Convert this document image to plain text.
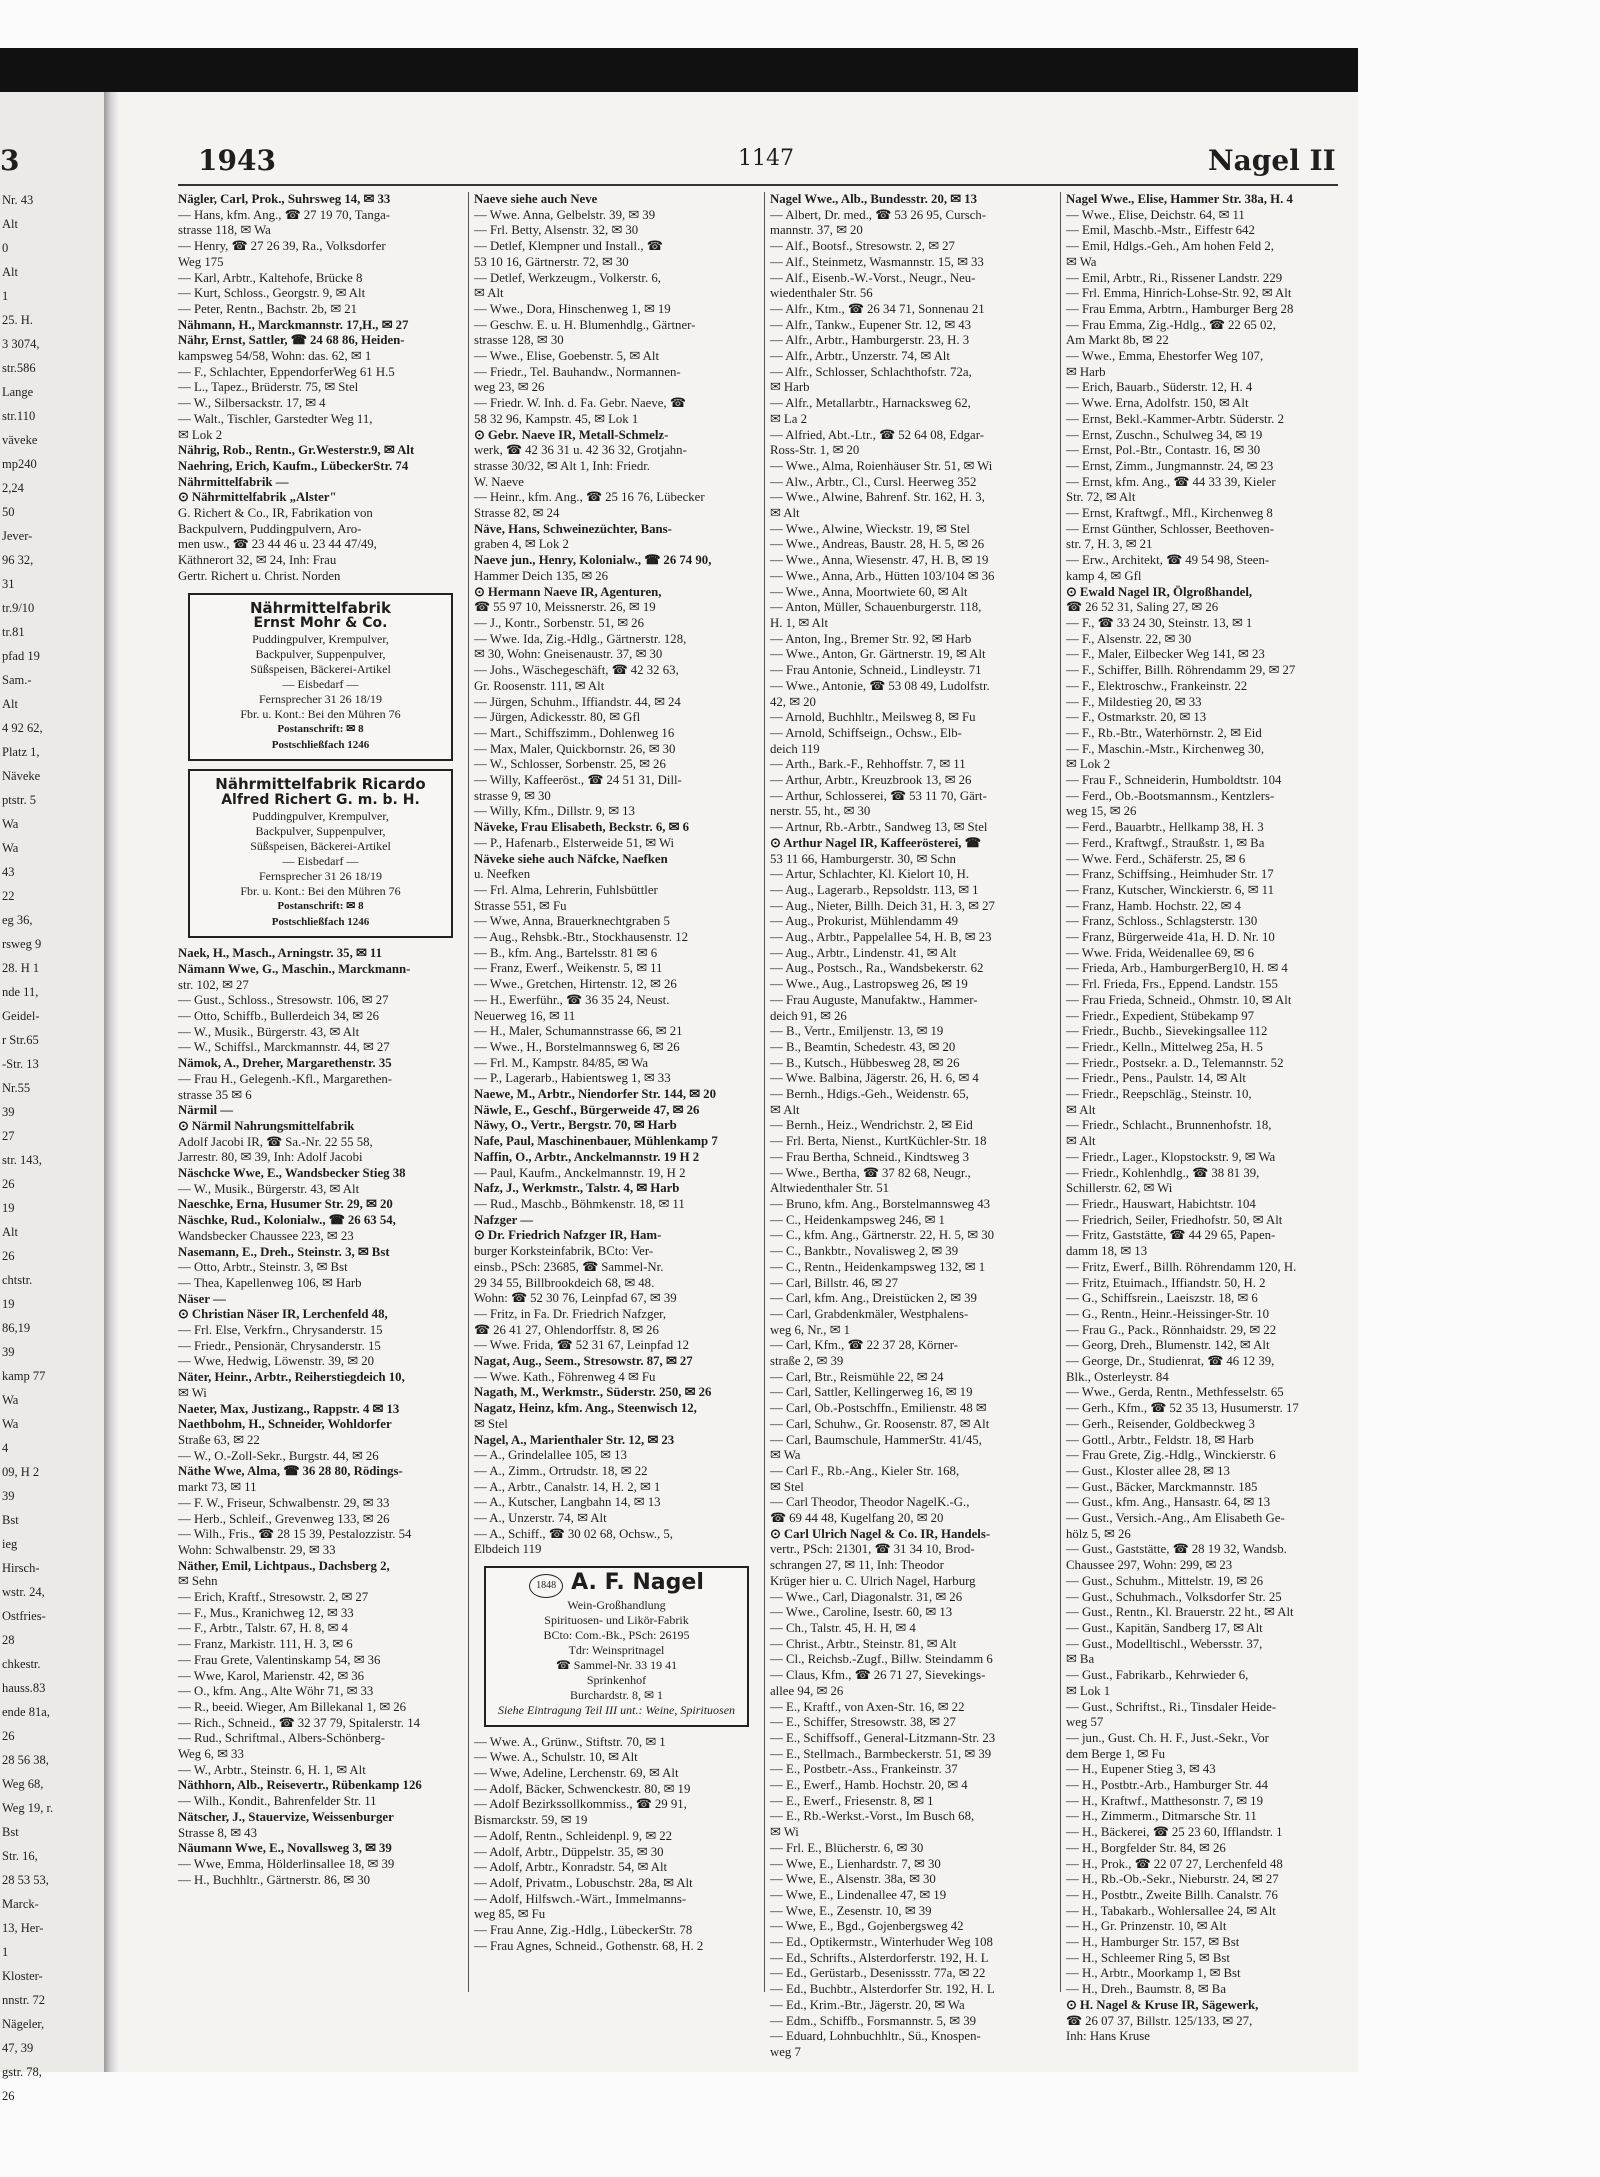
3
Nr. 43
Alt
0
Alt
1
25. H.
3 3074,
str.586
Lange
str.110
väveke
mp240
2,24
50
Jever-
96 32,
31
tr.9/10
tr.81
pfad 19
Sam.-
Alt
4 92 62,
Platz 1,
Näveke
ptstr. 5
Wa
Wa
43
22
eg 36,
rsweg 9
28. H 1
nde 11,
Geidel-
r Str.65
-Str. 13
Nr.55
39
27
str. 143,
26
19
Alt
26
chtstr.
19
86,19
39
kamp 77
Wa
Wa
4
09, H 2
39
Bst
ieg
Hirsch-
wstr. 24,
Ostfries-
28
chkestr.
hauss.83
ende 81a,
26
28 56 38,
Weg 68,
Weg 19, r.
Bst
Str. 16,
28 53 53,
Marck-
13, Her-
1
Kloster-
nnstr. 72
Nägeler,
47, 39
gstr. 78,
26
1943	1147	Nagel II
Nägler, Carl, Prok., Suhrsweg 14, ✉ 33
— Hans, kfm. Ang., ☎ 27 19 70, Tanga-
strasse 118, ✉ Wa
— Henry, ☎ 27 26 39, Ra., Volksdorfer
Weg 175
— Karl, Arbtr., Kaltehofe, Brücke 8
— Kurt, Schloss., Georgstr. 9, ✉ Alt
— Peter, Rentn., Bachstr. 2b, ✉ 21
Nähmann, H., Marckmannstr. 17,H., ✉ 27
Nähr, Ernst, Sattler, ☎ 24 68 86, Heiden-
kampsweg 54/58, Wohn: das. 62, ✉ 1
— F., Schlachter, EppendorferWeg 61 H.5
— L., Tapez., Brüderstr. 75, ✉ Stel
— W., Silbersackstr. 17, ✉ 4
— Walt., Tischler, Garstedter Weg 11,
✉ Lok 2
Nährig, Rob., Rentn., Gr.Westerstr.9, ✉ Alt
Naehring, Erich, Kaufm., LübeckerStr. 74
Nährmittelfabrik —
⊙ Nährmittelfabrik „Alster"
G. Richert & Co., IR, Fabrikation von
Backpulvern, Puddingpulvern, Aro-
men usw., ☎ 23 44 46 u. 23 44 47/49,
Käthnerort 32, ✉ 24, Inh: Frau
Gertr. Richert u. Christ. Norden
Nährmittelfabrik
Ernst Mohr & Co.
Puddingpulver, Krempulver,
Backpulver, Suppenpulver,
Süßspeisen, Bäckerei-Artikel
— Eisbedarf —
Fernsprecher 31 26 18/19
Fbr. u. Kont.: Bei den Mühren 76
Postanschrift: ✉ 8
Postschließfach 1246
Nährmittelfabrik Ricardo
Alfred Richert G. m. b. H.
Puddingpulver, Krempulver,
Backpulver, Suppenpulver,
Süßspeisen, Bäckerei-Artikel
— Eisbedarf —
Fernsprecher 31 26 18/19
Fbr. u. Kont.: Bei den Mühren 76
Postanschrift: ✉ 8
Postschließfach 1246
Naek, H., Masch., Arningstr. 35, ✉ 11
Nämann Wwe, G., Maschin., Marckmann-
str. 102, ✉ 27
— Gust., Schloss., Stresowstr. 106, ✉ 27
— Otto, Schiffb., Bullerdeich 34, ✉ 26
— W., Musik., Bürgerstr. 43, ✉ Alt
— W., Schiffsl., Marckmannstr. 44, ✉ 27
Nämok, A., Dreher, Margarethenstr. 35
— Frau H., Gelegenh.-Kfl., Margarethen-
strasse 35 ✉ 6
Närmil —
⊙ Närmil Nahrungsmittelfabrik
Adolf Jacobi IR, ☎ Sa.-Nr. 22 55 58,
Jarrestr. 80, ✉ 39, Inh: Adolf Jacobi
Näschcke Wwe, E., Wandsbecker Stieg 38
— W., Musik., Bürgerstr. 43, ✉ Alt
Naeschke, Erna, Husumer Str. 29, ✉ 20
Näschke, Rud., Kolonialw., ☎ 26 63 54,
Wandsbecker Chaussee 223, ✉ 23
Nasemann, E., Dreh., Steinstr. 3, ✉ Bst
— Otto, Arbtr., Steinstr. 3, ✉ Bst
— Thea, Kapellenweg 106, ✉ Harb
Näser —
⊙ Christian Näser IR, Lerchenfeld 48,
— Frl. Else, Verkfrn., Chrysanderstr. 15
— Friedr., Pensionär, Chrysanderstr. 15
— Wwe, Hedwig, Löwenstr. 39, ✉ 20
Näter, Heinr., Arbtr., Reiherstiegdeich 10,
✉ Wi
Naeter, Max, Justizang., Rappstr. 4 ✉ 13
Naethbohm, H., Schneider, Wohldorfer
Straße 63, ✉ 22
— W., O.-Zoll-Sekr., Burgstr. 44, ✉ 26
Näthe Wwe, Alma, ☎ 36 28 80, Rödings-
markt 73, ✉ 11
— F. W., Friseur, Schwalbenstr. 29, ✉ 33
— Herb., Schleif., Grevenweg 133, ✉ 26
— Wilh., Fris., ☎ 28 15 39, Pestalozzistr. 54
Wohn: Schwalbenstr. 29, ✉ 33
Näther, Emil, Lichtpaus., Dachsberg 2,
✉ Sehn
— Erich, Kraftf., Stresowstr. 2, ✉ 27
— F., Mus., Kranichweg 12, ✉ 33
— F., Arbtr., Talstr. 67, H. 8, ✉ 4
— Franz, Markistr. 111, H. 3, ✉ 6
— Frau Grete, Valentinskamp 54, ✉ 36
— Wwe, Karol, Marienstr. 42, ✉ 36
— O., kfm. Ang., Alte Wöhr 71, ✉ 33
— R., beeid. Wieger, Am Billekanal 1, ✉ 26
— Rich., Schneid., ☎ 32 37 79, Spitalerstr. 14
— Rud., Schriftmal., Albers-Schönberg-
Weg 6, ✉ 33
— W., Arbtr., Steinstr. 6, H. 1, ✉ Alt
Näthhorn, Alb., Reisevertr., Rübenkamp 126
— Wilh., Kondit., Bahrenfelder Str. 11
Nätscher, J., Stauervize, Weissenburger
Strasse 8, ✉ 43
Näumann Wwe, E., Novallsweg 3, ✉ 39
— Wwe, Emma, Hölderlinsallee 18, ✉ 39
— H., Buchhltr., Gärtnerstr. 86, ✉ 30
Naeve siehe auch Neve
— Wwe. Anna, Gelbelstr. 39, ✉ 39
— Frl. Betty, Alsenstr. 32, ✉ 30
— Detlef, Klempner und Install., ☎
53 10 16, Gärtnerstr. 72, ✉ 30
— Detlef, Werkzeugm., Volkerstr. 6,
✉ Alt
— Wwe., Dora, Hinschenweg 1, ✉ 19
— Geschw. E. u. H. Blumenhdlg., Gärtner-
strasse 128, ✉ 30
— Wwe., Elise, Goebenstr. 5, ✉ Alt
— Friedr., Tel. Bauhandw., Normannen-
weg 23, ✉ 26
— Friedr. W. Inh. d. Fa. Gebr. Naeve, ☎
58 32 96, Kampstr. 45, ✉ Lok 1
⊙ Gebr. Naeve IR, Metall-Schmelz-
werk, ☎ 42 36 31 u. 42 36 32, Grotjahn-
strasse 30/32, ✉ Alt 1, Inh: Friedr.
W. Naeve
— Heinr., kfm. Ang., ☎ 25 16 76, Lübecker
Strasse 82, ✉ 24
Näve, Hans, Schweinezüchter, Bans-
graben 4, ✉ Lok 2
Naeve jun., Henry, Kolonialw., ☎ 26 74 90,
Hammer Deich 135, ✉ 26
⊙ Hermann Naeve IR, Agenturen,
☎ 55 97 10, Meissnerstr. 26, ✉ 19
— J., Kontr., Sorbenstr. 51, ✉ 26
— Wwe. Ida, Zig.-Hdlg., Gärtnerstr. 128,
✉ 30, Wohn: Gneisenaustr. 37, ✉ 30
— Johs., Wäschegeschäft, ☎ 42 32 63,
Gr. Roosenstr. 111, ✉ Alt
— Jürgen, Schuhm., Iffiandstr. 44, ✉ 24
— Jürgen, Adickesstr. 80, ✉ Gfl
— Mart., Schiffszimm., Dohlenweg 16
— Max, Maler, Quickbornstr. 26, ✉ 30
— W., Schlosser, Sorbenstr. 25, ✉ 26
— Willy, Kaffeeröst., ☎ 24 51 31, Dill-
strasse 9, ✉ 30
— Willy, Kfm., Dillstr. 9, ✉ 13
Näveke, Frau Elisabeth, Beckstr. 6, ✉ 6
— P., Hafenarb., Elsterweide 51, ✉ Wi
Näveke siehe auch Näfcke, Naefken
u. Neefken
— Frl. Alma, Lehrerin, Fuhlsbüttler
Strasse 551, ✉ Fu
— Wwe, Anna, Brauerknechtgraben 5
— Aug., Rehsbk.-Btr., Stockhausenstr. 12
— B., kfm. Ang., Bartelsstr. 81 ✉ 6
— Franz, Ewerf., Weikenstr. 5, ✉ 11
— Wwe., Gretchen, Hirtenstr. 12, ✉ 26
— H., Ewerführ., ☎ 36 35 24, Neust.
Neuerweg 16, ✉ 11
— H., Maler, Schumannstrasse 66, ✉ 21
— Wwe., H., Borstelmannsweg 6, ✉ 26
— Frl. M., Kampstr. 84/85, ✉ Wa
— P., Lagerarb., Habientsweg 1, ✉ 33
Naewe, M., Arbtr., Niendorfer Str. 144, ✉ 20
Näwle, E., Geschf., Bürgerweide 47, ✉ 26
Näwy, O., Vertr., Bergstr. 70, ✉ Harb
Nafe, Paul, Maschinenbauer, Mühlenkamp 7
Naffin, O., Arbtr., Anckelmannstr. 19 H 2
— Paul, Kaufm., Anckelmannstr. 19, H 2
Nafz, J., Werkmstr., Talstr. 4, ✉ Harb
— Rud., Maschb., Böhmkenstr. 18, ✉ 11
Nafzger —
⊙ Dr. Friedrich Nafzger IR, Ham-
burger Korksteinfabrik, BCto: Ver-
einsb., PSch: 23685, ☎ Sammel-Nr.
29 34 55, Billbrookdeich 68, ✉ 48.
Wohn: ☎ 52 30 76, Leinpfad 67, ✉ 39
— Fritz, in Fa. Dr. Friedrich Nafzger,
☎ 26 41 27, Ohlendorffstr. 8, ✉ 26
— Wwe. Frida, ☎ 52 31 67, Leinpfad 12
Nagat, Aug., Seem., Stresowstr. 87, ✉ 27
— Wwe. Kath., Föhrenweg 4 ✉ Fu
Nagath, M., Werkmstr., Süderstr. 250, ✉ 26
Nagatz, Heinz, kfm. Ang., Steenwisch 12,
✉ Stel
Nagel, A., Marienthaler Str. 12, ✉ 23
— A., Grindelallee 105, ✉ 13
— A., Zimm., Ortrudstr. 18, ✉ 22
— A., Arbtr., Canalstr. 14, H. 2, ✉ 1
— A., Kutscher, Langbahn 14, ✉ 13
— A., Unzerstr. 74, ✉ Alt
— A., Schiff., ☎ 30 02 68, Ochsw., 5,
Elbdeich 119
1848 A. F. Nagel
Wein-Großhandlung
Spirituosen- und Likör-Fabrik
BCto: Com.-Bk., PSch: 26195
Tdr: Weinspritnagel
☎ Sammel-Nr. 33 19 41
Sprinkenhof
Burchardstr. 8, ✉ 1
Siehe Eintragung Teil III unt.: Weine, Spirituosen
— Wwe. A., Grünw., Stiftstr. 70, ✉ 1
— Wwe. A., Schulstr. 10, ✉ Alt
— Wwe, Adeline, Lerchenstr. 69, ✉ Alt
— Adolf, Bäcker, Schwenckestr. 80, ✉ 19
— Adolf Bezirkssollkommiss., ☎ 29 91,
Bismarckstr. 59, ✉ 19
— Adolf, Rentn., Schleidenpl. 9, ✉ 22
— Adolf, Arbtr., Düppelstr. 35, ✉ 30
— Adolf, Arbtr., Konradstr. 54, ✉ Alt
— Adolf, Privatm., Lobuschstr. 28a, ✉ Alt
— Adolf, Hilfswch.-Wärt., Immelmanns-
weg 85, ✉ Fu
— Frau Anne, Zig.-Hdlg., LübeckerStr. 78
— Frau Agnes, Schneid., Gothenstr. 68, H. 2
Nagel Wwe., Alb., Bundesstr. 20, ✉ 13
— Albert, Dr. med., ☎ 53 26 95, Cursch-
mannstr. 37, ✉ 20
— Alf., Bootsf., Stresowstr. 2, ✉ 27
— Alf., Steinmetz, Wasmannstr. 15, ✉ 33
— Alf., Eisenb.-W.-Vorst., Neugr., Neu-
wiedenthaler Str. 56
— Alfr., Ktm., ☎ 26 34 71, Sonnenau 21
— Alfr., Tankw., Eupener Str. 12, ✉ 43
— Alfr., Arbtr., Hamburgerstr. 23, H. 3
— Alfr., Arbtr., Unzerstr. 74, ✉ Alt
— Alfr., Schlosser, Schlachthofstr. 72a,
✉ Harb
— Alfr., Metallarbtr., Harnacksweg 62,
✉ La 2
— Alfried, Abt.-Ltr., ☎ 52 64 08, Edgar-
Ross-Str. 1, ✉ 20
— Wwe., Alma, Roienhäuser Str. 51, ✉ Wi
— Alw., Arbtr., Cl., Cursl. Heerweg 352
— Wwe., Alwine, Bahrenf. Str. 162, H. 3,
✉ Alt
— Wwe., Alwine, Wieckstr. 19, ✉ Stel
— Wwe., Andreas, Baustr. 28, H. 5, ✉ 26
— Wwe., Anna, Wiesenstr. 47, H. B, ✉ 19
— Wwe., Anna, Arb., Hütten 103/104 ✉ 36
— Wwe., Anna, Moortwiete 60, ✉ Alt
— Anton, Müller, Schauenburgerstr. 118,
H. 1, ✉ Alt
— Anton, Ing., Bremer Str. 92, ✉ Harb
— Wwe., Anton, Gr. Gärtnerstr. 19, ✉ Alt
— Frau Antonie, Schneid., Lindleystr. 71
— Wwe., Antonie, ☎ 53 08 49, Ludolfstr.
42, ✉ 20
— Arnold, Buchhltr., Meilsweg 8, ✉ Fu
— Arnold, Schiffseign., Ochsw., Elb-
deich 119
— Arth., Bark.-F., Rehhoffstr. 7, ✉ 11
— Arthur, Arbtr., Kreuzbrook 13, ✉ 26
— Arthur, Schlosserei, ☎ 53 11 70, Gärt-
nerstr. 55, ht., ✉ 30
— Artnur, Rb.-Arbtr., Sandweg 13, ✉ Stel
⊙ Arthur Nagel IR, Kaffeerösterei, ☎
53 11 66, Hamburgerstr. 30, ✉ Schn
— Artur, Schlachter, Kl. Kielort 10, H.
— Aug., Lagerarb., Repsoldstr. 113, ✉ 1
— Aug., Nieter, Billh. Deich 31, H. 3, ✉ 27
— Aug., Prokurist, Mühlendamm 49
— Aug., Arbtr., Pappelallee 54, H. B, ✉ 23
— Aug., Arbtr., Lindenstr. 41, ✉ Alt
— Aug., Postsch., Ra., Wandsbekerstr. 62
— Wwe., Aug., Lastropsweg 26, ✉ 19
— Frau Auguste, Manufaktw., Hammer-
deich 91, ✉ 26
— B., Vertr., Emiljenstr. 13, ✉ 19
— B., Beamtin, Schedestr. 43, ✉ 20
— B., Kutsch., Hübbesweg 28, ✉ 26
— Wwe. Balbina, Jägerstr. 26, H. 6, ✉ 4
— Bernh., Hdigs.-Geh., Weidenstr. 65,
✉ Alt
— Bernh., Heiz., Wendrichstr. 2, ✉ Eid
— Frl. Berta, Nienst., KurtKüchler-Str. 18
— Frau Bertha, Schneid., Kindtsweg 3
— Wwe., Bertha, ☎ 37 82 68, Neugr.,
Altwiedenthaler Str. 51
— Bruno, kfm. Ang., Borstelmannsweg 43
— C., Heidenkampsweg 246, ✉ 1
— C., kfm. Ang., Gärtnerstr. 22, H. 5, ✉ 30
— C., Bankbtr., Novalisweg 2, ✉ 39
— C., Rentn., Heidenkampsweg 132, ✉ 1
— Carl, Billstr. 46, ✉ 27
— Carl, kfm. Ang., Dreistücken 2, ✉ 39
— Carl, Grabdenkmäler, Westphalens-
weg 6, Nr., ✉ 1
— Carl, Kfm., ☎ 22 37 28, Körner-
straße 2, ✉ 39
— Carl, Btr., Reismühle 22, ✉ 24
— Carl, Sattler, Kellingerweg 16, ✉ 19
— Carl, Ob.-Postschffn., Emilienstr. 48 ✉
— Carl, Schuhw., Gr. Roosenstr. 87, ✉ Alt
— Carl, Baumschule, HammerStr. 41/45,
✉ Wa
— Carl F., Rb.-Ang., Kieler Str. 168,
✉ Stel
— Carl Theodor, Theodor NagelK.-G.,
☎ 69 44 48, Kugelfang 20, ✉ 20
⊙ Carl Ulrich Nagel & Co. IR, Handels-
vertr., PSch: 21301, ☎ 31 34 10, Brod-
schrangen 27, ✉ 11, Inh: Theodor
Krüger hier u. C. Ulrich Nagel, Harburg
— Wwe., Carl, Diagonalstr. 31, ✉ 26
— Wwe., Caroline, Isestr. 60, ✉ 13
— Ch., Talstr. 45, H. H, ✉ 4
— Christ., Arbtr., Steinstr. 81, ✉ Alt
— Cl., Reichsb.-Zugf., Billw. Steindamm 6
— Claus, Kfm., ☎ 26 71 27, Sievekings-
allee 94, ✉ 26
— E., Kraftf., von Axen-Str. 16, ✉ 22
— E., Schiffer, Stresowstr. 38, ✉ 27
— E., Schiffsoff., General-Litzmann-Str. 23
— E., Stellmach., Barmbeckerstr. 51, ✉ 39
— E., Postbetr.-Ass., Frankeinstr. 37
— E., Ewerf., Hamb. Hochstr. 20, ✉ 4
— E., Ewerf., Friesenstr. 8, ✉ 1
— E., Rb.-Werkst.-Vorst., Im Busch 68,
✉ Wi
— Frl. E., Blücherstr. 6, ✉ 30
— Wwe, E., Lienhardstr. 7, ✉ 30
— Wwe, E., Alsenstr. 38a, ✉ 30
— Wwe, E., Lindenallee 47, ✉ 19
— Wwe, E., Zesenstr. 10, ✉ 39
— Wwe, E., Bgd., Gojenbergsweg 42
— Ed., Optikermstr., Winterhuder Weg 108
— Ed., Schrifts., Alsterdorferstr. 192, H. L
— Ed., Gerüstarb., Desenissstr. 77a, ✉ 22
— Ed., Buchbtr., Alsterdorfer Str. 192, H. L
— Ed., Krim.-Btr., Jägerstr. 20, ✉ Wa
— Edm., Schiffb., Forsmannstr. 5, ✉ 39
— Eduard, Lohnbuchhltr., Sü., Knospen-
weg 7
Nagel Wwe., Elise, Hammer Str. 38a, H. 4
— Wwe., Elise, Deichstr. 64, ✉ 11
— Emil, Maschb.-Mstr., Eiffestr 642
— Emil, Hdlgs.-Geh., Am hohen Feld 2,
✉ Wa
— Emil, Arbtr., Ri., Rissener Landstr. 229
— Frl. Emma, Hinrich-Lohse-Str. 92, ✉ Alt
— Frau Emma, Arbtrn., Hamburger Berg 28
— Frau Emma, Zig.-Hdlg., ☎ 22 65 02,
Am Markt 8b, ✉ 22
— Wwe., Emma, Ehestorfer Weg 107,
✉ Harb
— Erich, Bauarb., Süderstr. 12, H. 4
— Wwe. Erna, Adolfstr. 150, ✉ Alt
— Ernst, Bekl.-Kammer-Arbtr. Süderstr. 2
— Ernst, Zuschn., Schulweg 34, ✉ 19
— Ernst, Pol.-Btr., Contastr. 16, ✉ 30
— Ernst, Zimm., Jungmannstr. 24, ✉ 23
— Ernst, kfm. Ang., ☎ 44 33 39, Kieler
Str. 72, ✉ Alt
— Ernst, Kraftwgf., Mfl., Kirchenweg 8
— Ernst Günther, Schlosser, Beethoven-
str. 7, H. 3, ✉ 21
— Erw., Architekt, ☎ 49 54 98, Steen-
kamp 4, ✉ Gfl
⊙ Ewald Nagel IR, Ölgroßhandel,
☎ 26 52 31, Saling 27, ✉ 26
— F., ☎ 33 24 30, Steinstr. 13, ✉ 1
— F., Alsenstr. 22, ✉ 30
— F., Maler, Eilbecker Weg 141, ✉ 23
— F., Schiffer, Billh. Röhrendamm 29, ✉ 27
— F., Elektroschw., Frankeinstr. 22
— F., Mildestieg 20, ✉ 33
— F., Ostmarkstr. 20, ✉ 13
— F., Rb.-Btr., Waterhörnstr. 2, ✉ Eid
— F., Maschin.-Mstr., Kirchenweg 30,
✉ Lok 2
— Frau F., Schneiderin, Humboldtstr. 104
— Ferd., Ob.-Bootsmannsm., Kentzlers-
weg 15, ✉ 26
— Ferd., Bauarbtr., Hellkamp 38, H. 3
— Ferd., Kraftwgf., Straußstr. 1, ✉ Ba
— Wwe. Ferd., Schäferstr. 25, ✉ 6
— Franz, Schiffsing., Heimhuder Str. 17
— Franz, Kutscher, Winckierstr. 6, ✉ 11
— Franz, Hamb. Hochstr. 22, ✉ 4
— Franz, Schloss., Schlagsterstr. 130
— Franz, Bürgerweide 41a, H. D. Nr. 10
— Wwe. Frida, Weidenallee 69, ✉ 6
— Frieda, Arb., HamburgerBerg10, H. ✉ 4
— Frl. Frieda, Frs., Eppend. Landstr. 155
— Frau Frieda, Schneid., Ohmstr. 10, ✉ Alt
— Friedr., Expedient, Stübekamp 97
— Friedr., Buchb., Sievekingsallee 112
— Friedr., Kelln., Mittelweg 25a, H. 5
— Friedr., Postsekr. a. D., Telemannstr. 52
— Friedr., Pens., Paulstr. 14, ✉ Alt
— Friedr., Reepschläg., Steinstr. 10,
✉ Alt
— Friedr., Schlacht., Brunnenhofstr. 18,
✉ Alt
— Friedr., Lager., Klopstockstr. 9, ✉ Wa
— Friedr., Kohlenhdlg., ☎ 38 81 39,
Schillerstr. 62, ✉ Wi
— Friedr., Hauswart, Habichtstr. 104
— Friedrich, Seiler, Friedhofstr. 50, ✉ Alt
— Fritz, Gaststätte, ☎ 44 29 65, Papen-
damm 18, ✉ 13
— Fritz, Ewerf., Billh. Röhrendamm 120, H.
— Fritz, Etuimach., Iffiandstr. 50, H. 2
— G., Schiffsrein., Laeiszstr. 18, ✉ 6
— G., Rentn., Heinr.-Heissinger-Str. 10
— Frau G., Pack., Rönnhaidstr. 29, ✉ 22
— Georg, Dreh., Blumenstr. 142, ✉ Alt
— George, Dr., Studienrat, ☎ 46 12 39,
Blk., Osterleystr. 84
— Wwe., Gerda, Rentn., Methfesselstr. 65
— Gerh., Kfm., ☎ 52 35 13, Husumerstr. 17
— Gerh., Reisender, Goldbeckweg 3
— Gottl., Arbtr., Feldstr. 18, ✉ Harb
— Frau Grete, Zig.-Hdlg., Winckierstr. 6
— Gust., Kloster allee 28, ✉ 13
— Gust., Bäcker, Marckmannstr. 185
— Gust., kfm. Ang., Hansastr. 64, ✉ 13
— Gust., Versich.-Ang., Am Elisabeth Ge-
hölz 5, ✉ 26
— Gust., Gaststätte, ☎ 28 19 32, Wandsb.
Chaussee 297, Wohn: 299, ✉ 23
— Gust., Schuhm., Mittelstr. 19, ✉ 26
— Gust., Schuhmach., Volksdorfer Str. 25
— Gust., Rentn., Kl. Brauerstr. 22 ht., ✉ Alt
— Gust., Kapitän, Sandberg 17, ✉ Alt
— Gust., Modelltischl., Webersstr. 37,
✉ Ba
— Gust., Fabrikarb., Kehrwieder 6,
✉ Lok 1
— Gust., Schriftst., Ri., Tinsdaler Heide-
weg 57
— jun., Gust. Ch. H. F., Just.-Sekr., Vor
dem Berge 1, ✉ Fu
— H., Eupener Stieg 3, ✉ 43
— H., Postbtr.-Arb., Hamburger Str. 44
— H., Kraftwf., Matthesonstr. 7, ✉ 19
— H., Zimmerm., Ditmarsche Str. 11
— H., Bäckerei, ☎ 25 23 60, Ifflandstr. 1
— H., Borgfelder Str. 84, ✉ 26
— H., Prok., ☎ 22 07 27, Lerchenfeld 48
— H., Rb.-Ob.-Sekr., Nieburstr. 24, ✉ 27
— H., Postbtr., Zweite Billh. Canalstr. 76
— H., Tabakarb., Wohlersallee 24, ✉ Alt
— H., Gr. Prinzenstr. 10, ✉ Alt
— H., Hamburger Str. 157, ✉ Bst
— H., Schleemer Ring 5, ✉ Bst
— H., Arbtr., Moorkamp 1, ✉ Bst
— H., Dreh., Baumstr. 8, ✉ Ba
⊙ H. Nagel & Kruse IR, Sägewerk,
☎ 26 07 37, Billstr. 125/133, ✉ 27,
Inh: Hans Kruse
